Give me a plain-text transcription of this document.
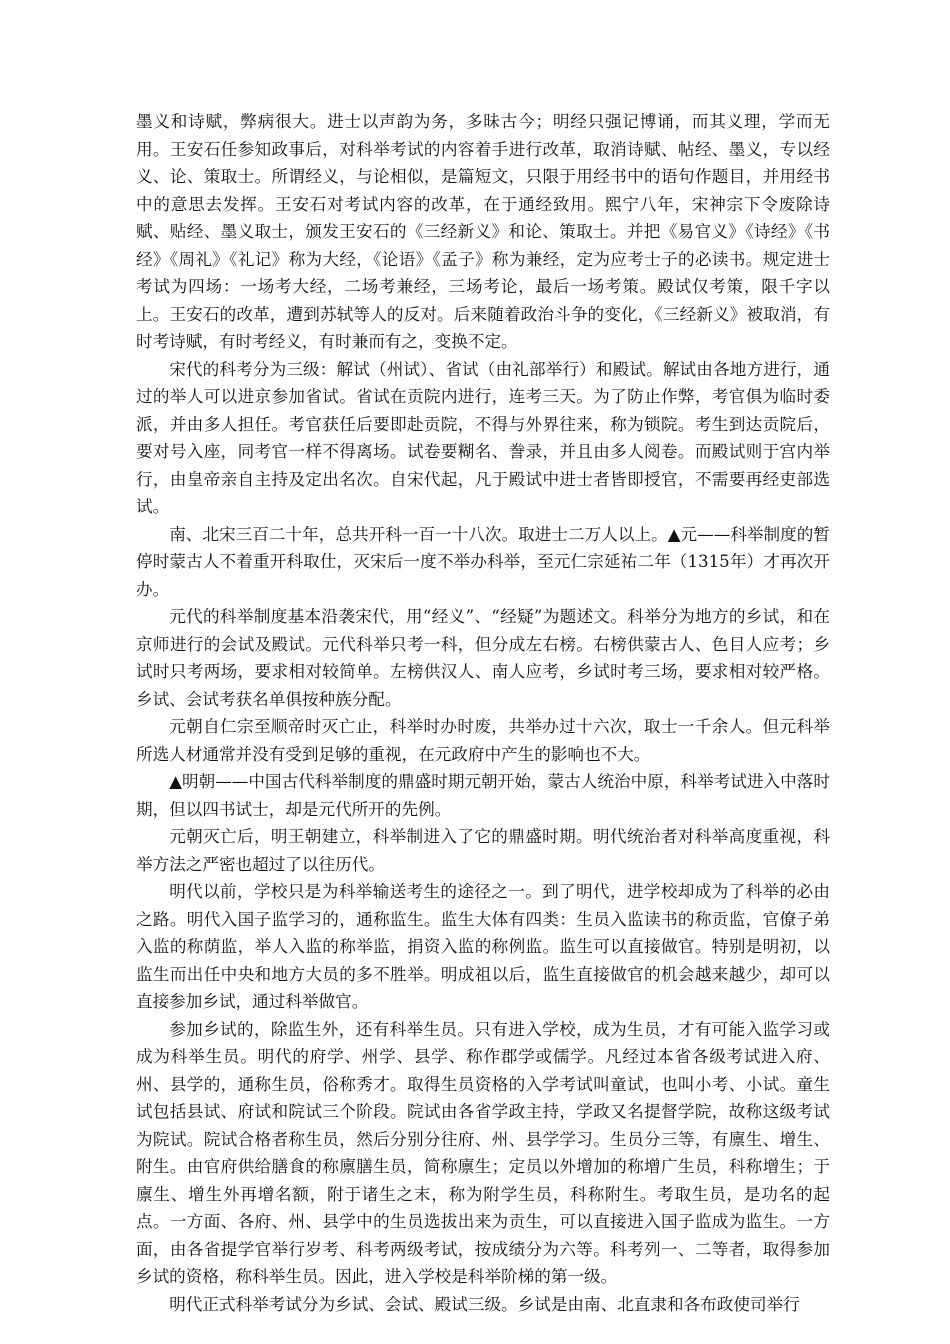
墨义和诗赋，弊病很大。进士以声韵为务，多昧古今；明经只强记博诵，而其义理，学而无用。王安石任参知政事后，对科举考试的内容着手进行改革，取消诗赋、帖经、墨义，专以经义、论、策取士。所谓经义，与论相似，是篇短文，只限于用经书中的语句作题目，并用经书中的意思去发挥。王安石对考试内容的改革，在于通经致用。熙宁八年，宋神宗下令废除诗赋、贴经、墨义取士，颁发王安石的《三经新义》和论、策取士。并把《易官义》《诗经》《书经》《周礼》《礼记》称为大经，《论语》《孟子》称为兼经，定为应考士子的必读书。规定进士考试为四场：一场考大经，二场考兼经，三场考论，最后一场考策。殿试仅考策，限千字以上。王安石的改革，遭到苏轼等人的反对。后来随着政治斗争的变化，《三经新义》被取消，有时考诗赋，有时考经义，有时兼而有之，变换不定。

宋代的科考分为三级：解试（州试）、省试（由礼部举行）和殿试。解试由各地方进行，通过的举人可以进京参加省试。省试在贡院内进行，连考三天。为了防止作弊，考官俱为临时委派，并由多人担任。考官获任后要即赴贡院，不得与外界往来，称为锁院。考生到达贡院后，要对号入座，同考官一样不得离场。试卷要糊名、誊录，并且由多人阅卷。而殿试则于宫内举行，由皇帝亲自主持及定出名次。自宋代起，凡于殿试中进士者皆即授官，不需要再经吏部选试。

南、北宋三百二十年，总共开科一百一十八次。取进士二万人以上。▲元——科举制度的暂停时蒙古人不着重开科取仕，灭宋后一度不举办科举，至元仁宗延祐二年（1315年）才再次开办。

元代的科举制度基本沿袭宋代，用“经义”、“经疑”为题述文。科举分为地方的乡试，和在京师进行的会试及殿试。元代科举只考一科，但分成左右榜。右榜供蒙古人、色目人应考；乡试时只考两场，要求相对较简单。左榜供汉人、南人应考，乡试时考三场，要求相对较严格。乡试、会试考获名单俱按种族分配。

元朝自仁宗至顺帝时灭亡止，科举时办时废，共举办过十六次，取士一千余人。但元科举所选人材通常并没有受到足够的重视，在元政府中产生的影响也不大。

▲明朝——中国古代科举制度的鼎盛时期元朝开始，蒙古人统治中原，科举考试进入中落时期，但以四书试士，却是元代所开的先例。

元朝灭亡后，明王朝建立，科举制进入了它的鼎盛时期。明代统治者对科举高度重视，科举方法之严密也超过了以往历代。

明代以前，学校只是为科举输送考生的途径之一。到了明代，进学校却成为了科举的必由之路。明代入国子监学习的，通称监生。监生大体有四类：生员入监读书的称贡监，官僚子弟入监的称荫监，举人入监的称举监，捐资入监的称例监。监生可以直接做官。特别是明初，以监生而出任中央和地方大员的多不胜举。明成祖以后，监生直接做官的机会越来越少，却可以直接参加乡试，通过科举做官。

参加乡试的，除监生外，还有科举生员。只有进入学校，成为生员，才有可能入监学习或成为科举生员。明代的府学、州学、县学、称作郡学或儒学。凡经过本省各级考试进入府、州、县学的，通称生员，俗称秀才。取得生员资格的入学考试叫童试，也叫小考、小试。童生试包括县试、府试和院试三个阶段。院试由各省学政主持，学政又名提督学院，故称这级考试为院试。院试合格者称生员，然后分别分往府、州、县学学习。生员分三等，有廪生、增生、附生。由官府供给膳食的称廪膳生员，简称廪生；定员以外增加的称增广生员，科称增生；于廪生、增生外再增名额，附于诸生之末，称为附学生员，科称附生。考取生员，是功名的起点。一方面、各府、州、县学中的生员选拔出来为贡生，可以直接进入国子监成为监生。一方面，由各省提学官举行岁考、科考两级考试，按成绩分为六等。科考列一、二等者，取得参加乡试的资格，称科举生员。因此，进入学校是科举阶梯的第一级。

明代正式科举考试分为乡试、会试、殿试三级。乡试是由南、北直隶和各布政使司举行
